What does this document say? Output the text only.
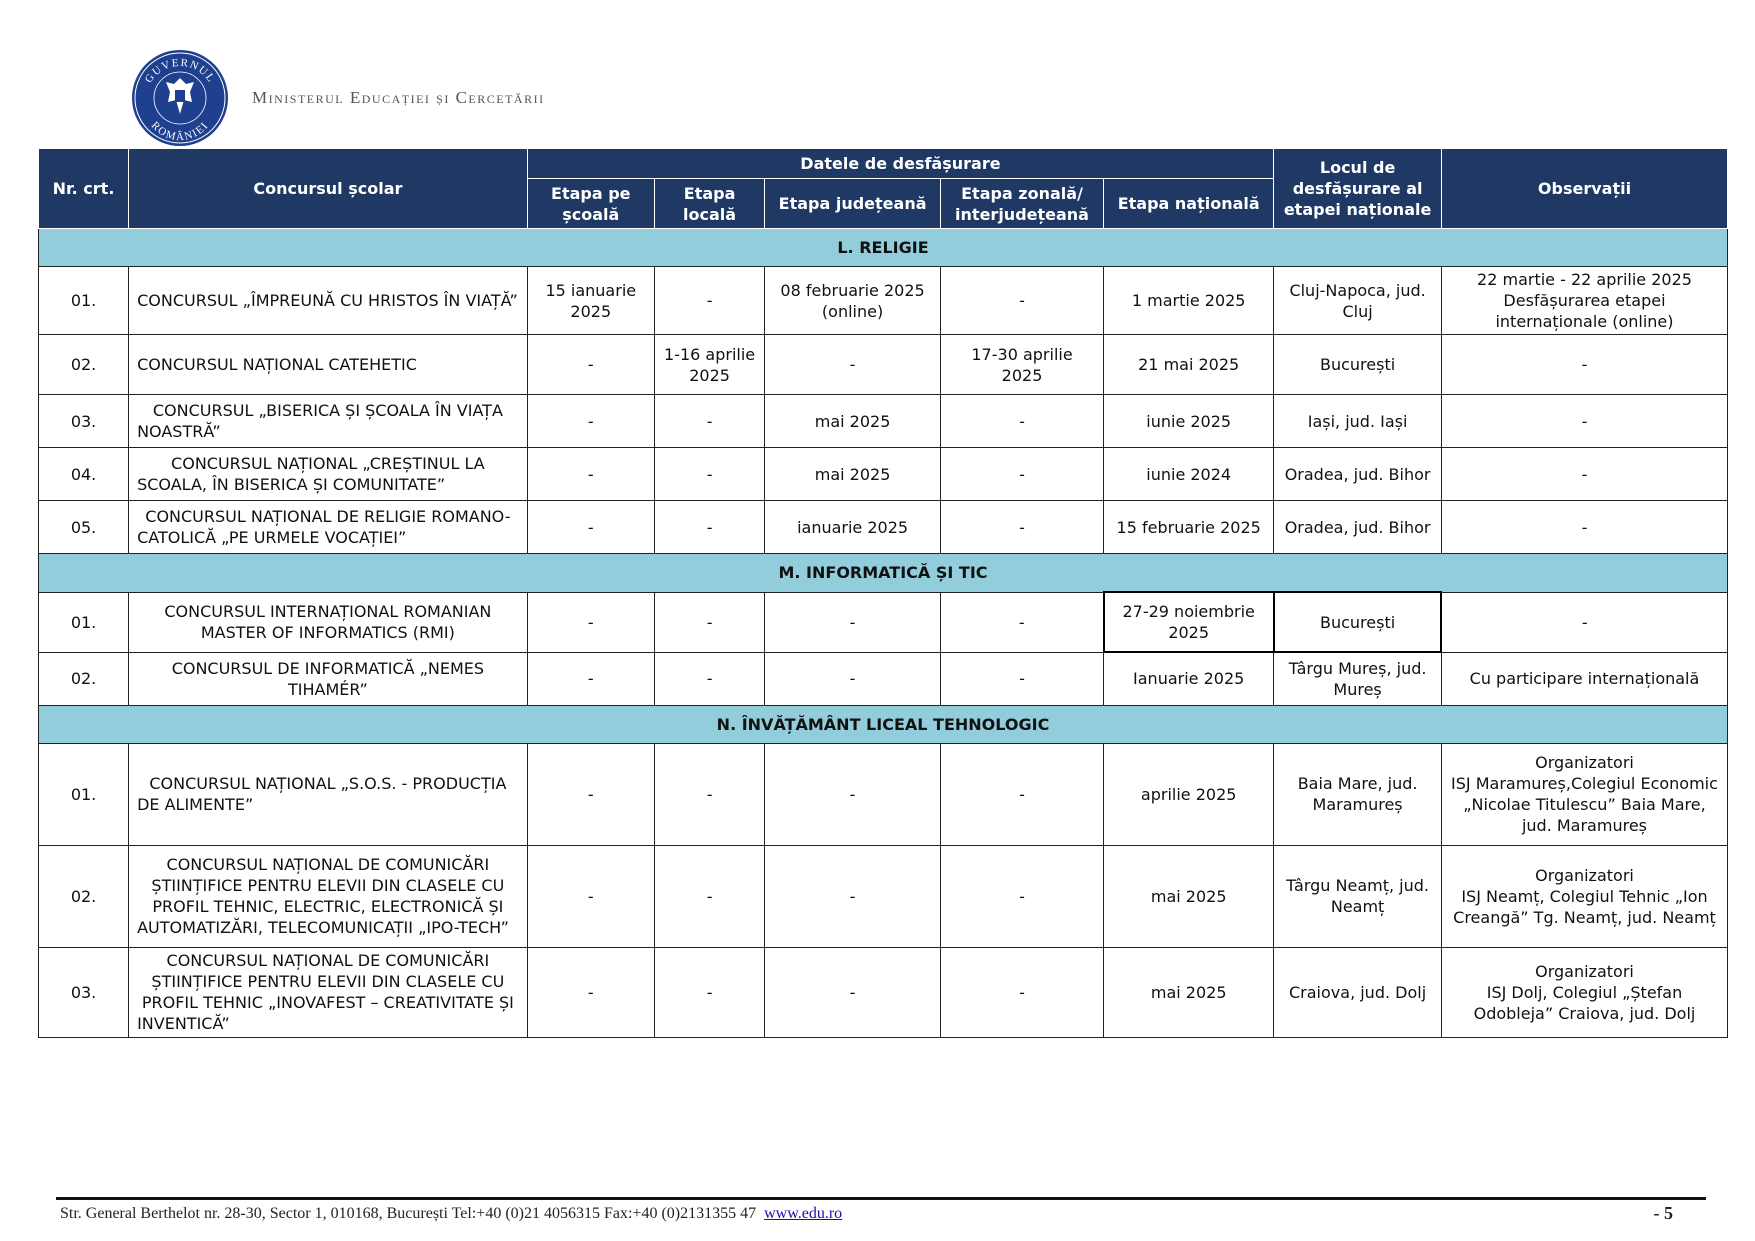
GUVERNUL
ROMÂNIEI
Ministerul Educației și Cercetării
Nr. crt.	Concursul școlar	Datele de desfășurare					Locul de desfășurare al etapei naționale	Observații
		Etapa pe școală	Etapa locală	Etapa județeană	Etapa zonală/ interjudețeană	Etapa națională		
L. RELIGIE								
01.	CONCURSUL „ÎMPREUNĂ CU HRISTOS ÎN VIAȚĂ”	15 ianuarie 2025	-	08 februarie 2025 (online)	-	1 martie 2025	Cluj-Napoca, jud. Cluj	22 martie - 22 aprilie 2025 Desfășurarea etapei internaționale (online)
02.	CONCURSUL NAȚIONAL CATEHETIC	-	1-16 aprilie 2025	-	17-30 aprilie 2025	21 mai 2025	București	-
03.	CONCURSUL „BISERICA ȘI ȘCOALA ÎN VIAȚA NOASTRĂ”	-	-	mai 2025	-	iunie 2025	Iași, jud. Iași	-
04.	CONCURSUL NAȚIONAL „CREȘTINUL LA SCOALA, ÎN BISERICA ȘI COMUNITATE”	-	-	mai 2025	-	iunie 2024	Oradea, jud. Bihor	-
05.	CONCURSUL NAȚIONAL DE RELIGIE ROMANO-CATOLICĂ „PE URMELE VOCAȚIEI”	-	-	ianuarie 2025	-	15 februarie 2025	Oradea, jud. Bihor	-
M. INFORMATICĂ ȘI TIC								
01.	CONCURSUL INTERNAȚIONAL ROMANIAN MASTER OF INFORMATICS (RMI)	-	-	-	-	27-29 noiembrie 2025	București	-
02.	CONCURSUL DE INFORMATICĂ „NEMES TIHAMÉR”	-	-	-	-	Ianuarie 2025	Târgu Mureș, jud. Mureș	Cu participare internațională
N. ÎNVĂȚĂMÂNT LICEAL TEHNOLOGIC								
01.	CONCURSUL NAȚIONAL „S.O.S. - PRODUCȚIA DE ALIMENTE”	-	-	-	-	aprilie 2025	Baia Mare, jud. Maramureș	Organizatori
ISJ Maramureș,Colegiul Economic „Nicolae Titulescu” Baia Mare, jud. Maramureș

02.	CONCURSUL NAȚIONAL DE COMUNICĂRI ȘTIINȚIFICE PENTRU ELEVII DIN CLASELE CU PROFIL TEHNIC, ELECTRIC, ELECTRONICĂ ȘI AUTOMATIZĂRI, TELECOMUNICAȚII „IPO-TECH”	-	-	-	-	mai 2025	Târgu Neamț, jud. Neamț	Organizatori
ISJ Neamț, Colegiul Tehnic „Ion Creangă” Tg. Neamț, jud. Neamț

03.	CONCURSUL NAȚIONAL DE COMUNICĂRI ȘTIINȚIFICE PENTRU ELEVII DIN CLASELE CU PROFIL TEHNIC „INOVAFEST – CREATIVITATE ȘI INVENTICĂ”	-	-	-	-	mai 2025	Craiova, jud. Dolj	Organizatori
ISJ Dolj, Colegiul „Ștefan Odobleja” Craiova, jud. Dolj
Str. General Berthelot nr. 28-30, Sector 1, 010168, București Tel:+40 (0)21 4056315 Fax:+40 (0)2131355 47 www.edu.ro	- 5
